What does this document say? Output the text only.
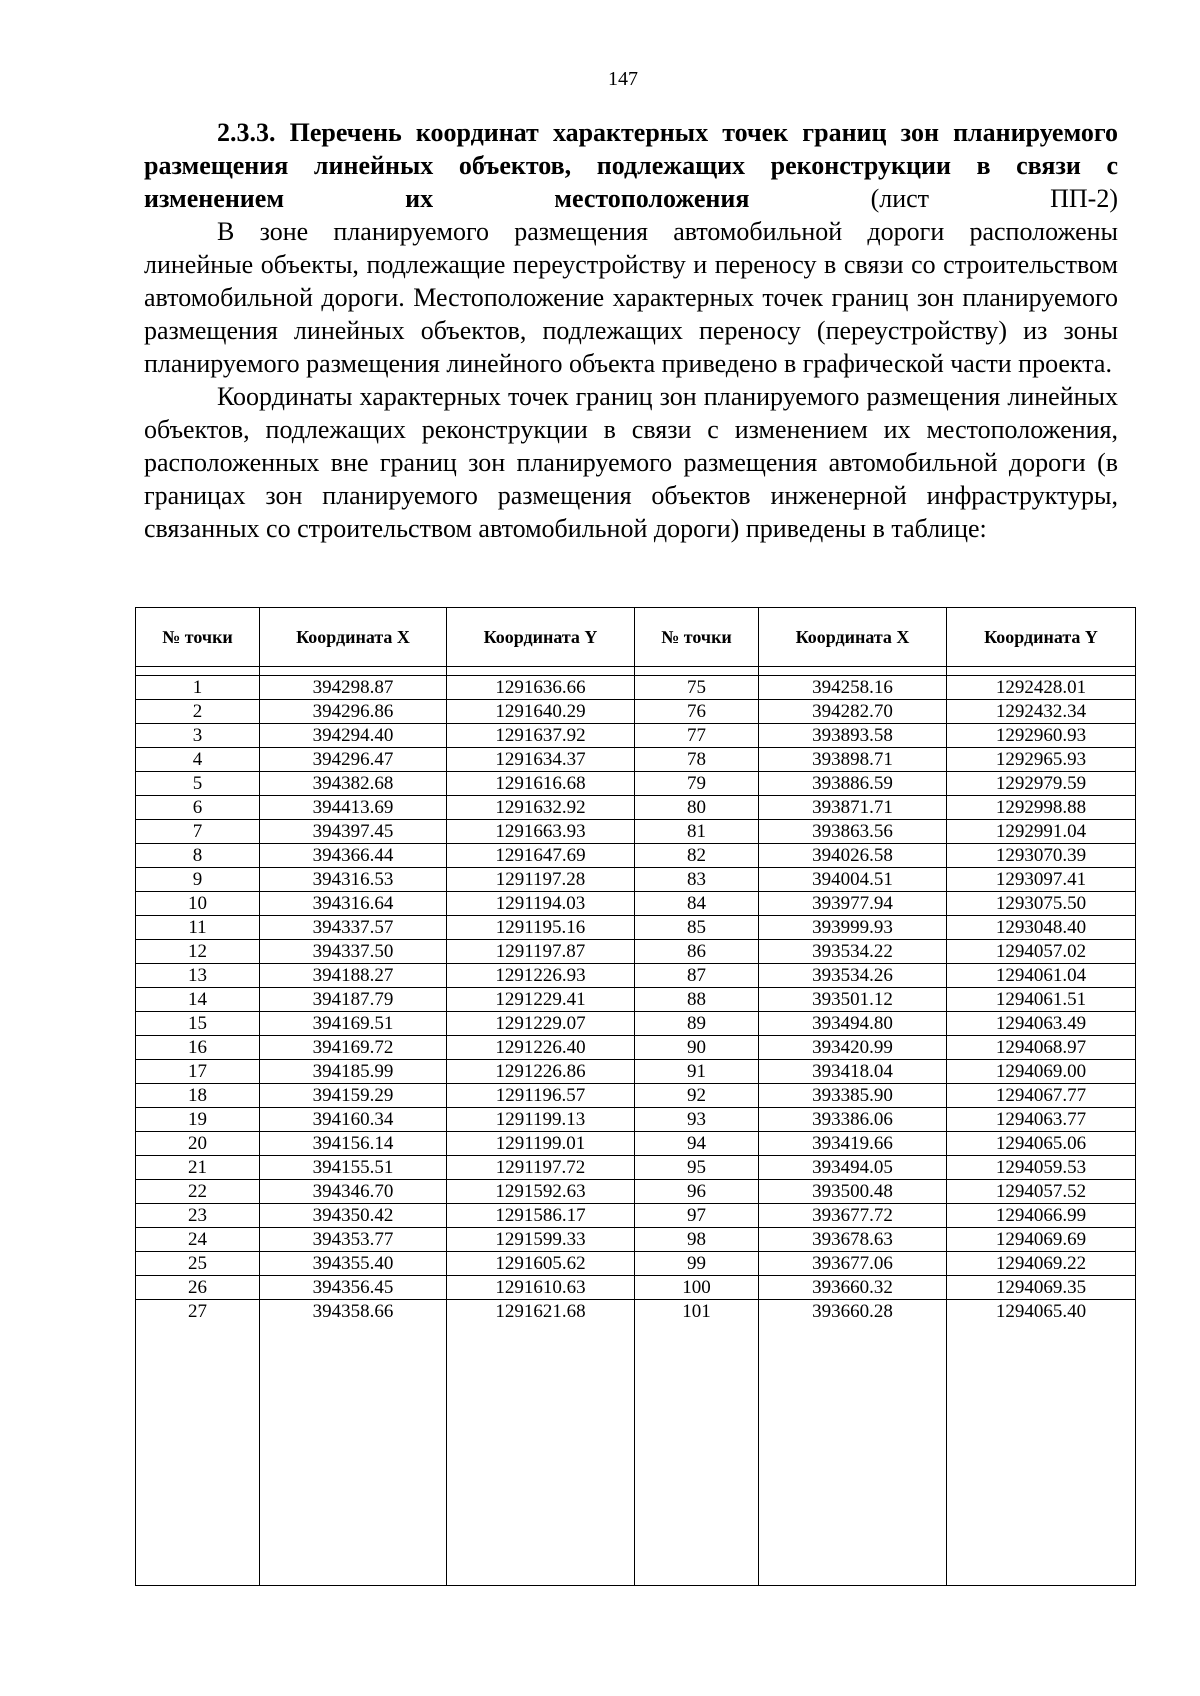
147

2.3.3. Перечень координат характерных точек границ зон планируемого размещения линейных объектов, подлежащих реконструкции в связи с изменением их местоположения (лист ПП-2)

В зоне планируемого размещения автомобильной дороги расположены линейные объекты, подлежащие переустройству и переносу в связи со строительством автомобильной дороги. Местоположение характерных точек границ зон планируемого размещения линейных объектов, подлежащих переносу (переустройству) из зоны планируемого размещения линейного объекта приведено в графической части проекта.

Координаты характерных точек границ зон планируемого размещения линейных объектов, подлежащих реконструкции в связи с изменением их местоположения, расположенных вне границ зон планируемого размещения автомобильной дороги (в границах зон планируемого размещения объектов инженерной инфраструктуры, связанных со строительством автомобильной дороги) приведены в таблице:

№ точки	Координата X	Координата Y	№ точки	Координата X	Координата Y

1	394298.87	1291636.66	75	394258.16	1292428.01
2	394296.86	1291640.29	76	394282.70	1292432.34
3	394294.40	1291637.92	77	393893.58	1292960.93
4	394296.47	1291634.37	78	393898.71	1292965.93
5	394382.68	1291616.68	79	393886.59	1292979.59
6	394413.69	1291632.92	80	393871.71	1292998.88
7	394397.45	1291663.93	81	393863.56	1292991.04
8	394366.44	1291647.69	82	394026.58	1293070.39
9	394316.53	1291197.28	83	394004.51	1293097.41
10	394316.64	1291194.03	84	393977.94	1293075.50
11	394337.57	1291195.16	85	393999.93	1293048.40
12	394337.50	1291197.87	86	393534.22	1294057.02
13	394188.27	1291226.93	87	393534.26	1294061.04
14	394187.79	1291229.41	88	393501.12	1294061.51
15	394169.51	1291229.07	89	393494.80	1294063.49
16	394169.72	1291226.40	90	393420.99	1294068.97
17	394185.99	1291226.86	91	393418.04	1294069.00
18	394159.29	1291196.57	92	393385.90	1294067.77
19	394160.34	1291199.13	93	393386.06	1294063.77
20	394156.14	1291199.01	94	393419.66	1294065.06
21	394155.51	1291197.72	95	393494.05	1294059.53
22	394346.70	1291592.63	96	393500.48	1294057.52
23	394350.42	1291586.17	97	393677.72	1294066.99
24	394353.77	1291599.33	98	393678.63	1294069.69
25	394355.40	1291605.62	99	393677.06	1294069.22
26	394356.45	1291610.63	100	393660.32	1294069.35
27	394358.66	1291621.68	101	393660.28	1294065.40
